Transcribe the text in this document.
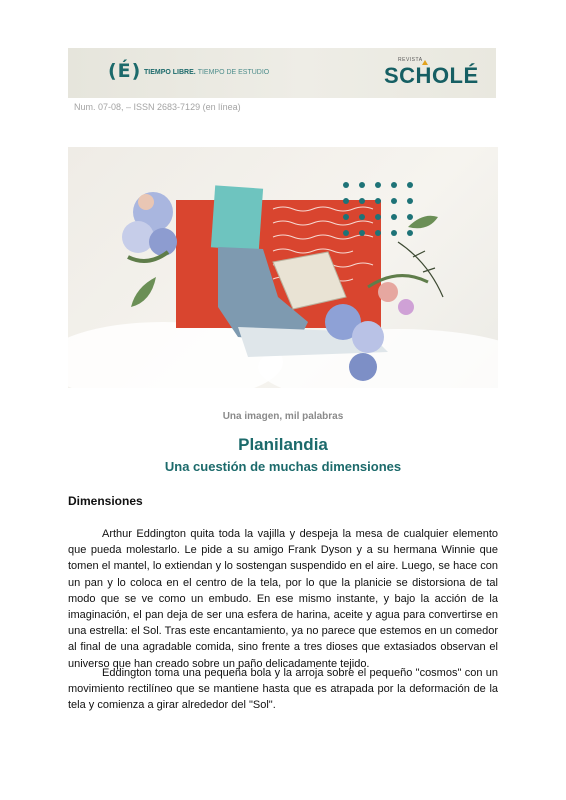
(É) TIEMPO LIBRE. TIEMPO DE ESTUDIO
REVISTA
SCHOLÉ
Num. 07-08, – ISSN 2683-7129 (en línea)
Una imagen, mil palabras
Planilandia
Una cuestión de muchas dimensiones
Dimensiones

Arthur Eddington quita toda la vajilla y despeja la mesa de cualquier elemento que pueda molestarlo. Le pide a su amigo Frank Dyson y a su hermana Winnie que tomen el mantel, lo extiendan y lo sostengan suspendido en el aire. Luego, se hace con un pan y lo coloca en el centro de la tela, por lo que la planicie se distorsiona de tal modo que se ve como un embudo. En ese mismo instante, y bajo la acción de la imaginación, el pan deja de ser una esfera de harina, aceite y agua para convertirse en una estrella: el Sol. Tras este encantamiento, ya no parece que estemos en un comedor al final de una agradable comida, sino frente a tres dioses que extasiados observan el universo que han creado sobre un paño delicadamente tejido.

Eddington toma una pequeña bola y la arroja sobre el pequeño "cosmos" con un movimiento rectilíneo que se mantiene hasta que es atrapada por la deformación de la tela y comienza a girar alrededor del "Sol".
